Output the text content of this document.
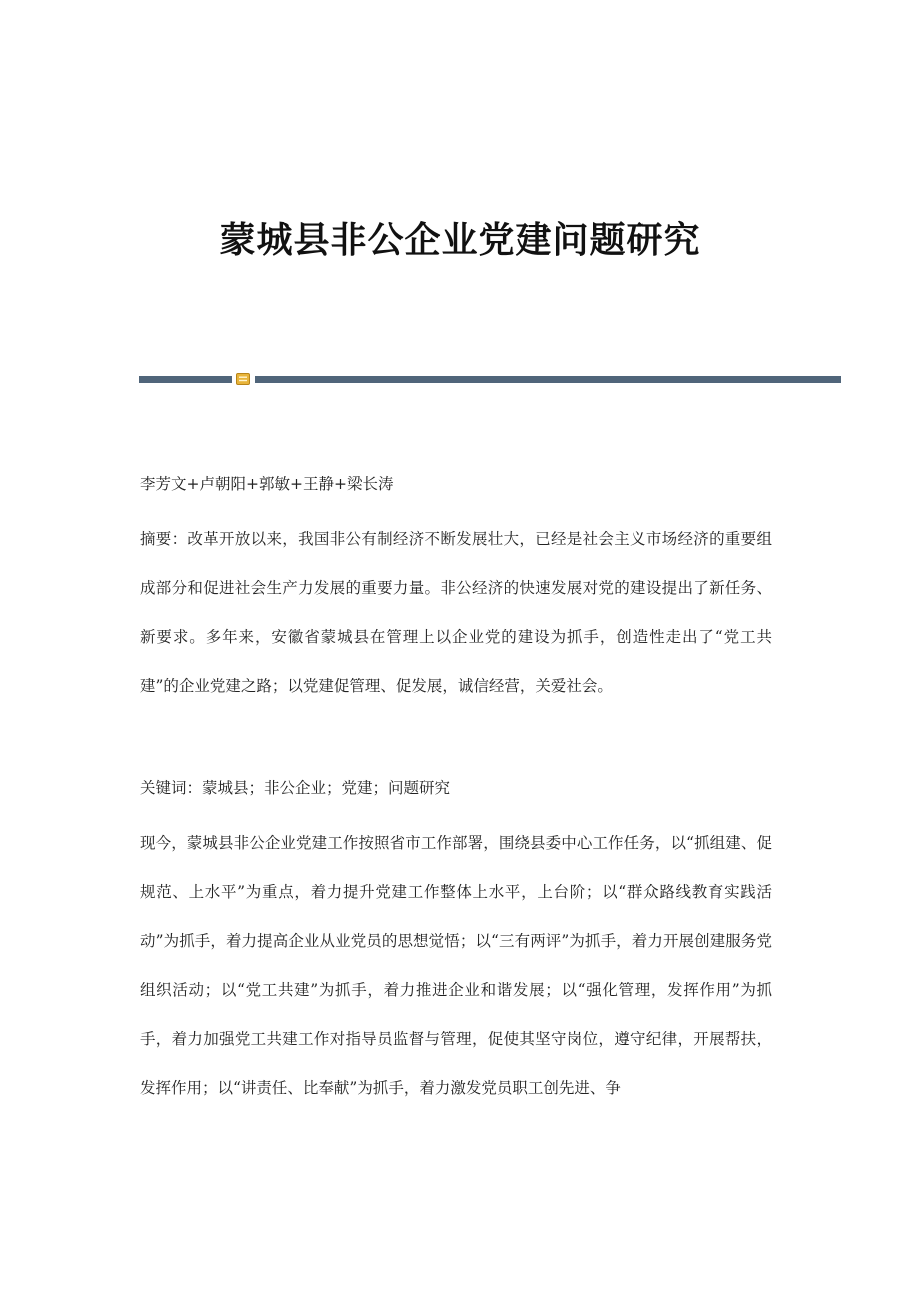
蒙城县非公企业党建问题研究
李芳文+卢朝阳+郭敏+王静+梁长涛
摘要：改革开放以来，我国非公有制经济不断发展壮大，已经是社会主义市场经济的重要组成部分和促进社会生产力发展的重要力量。非公经济的快速发展对党的建设提出了新任务、新要求。多年来，安徽省蒙城县在管理上以企业党的建设为抓手，创造性走出了“党工共建”的企业党建之路；以党建促管理、促发展，诚信经营，关爱社会。
关键词：蒙城县；非公企业；党建；问题研究
现今，蒙城县非公企业党建工作按照省市工作部署，围绕县委中心工作任务，以“抓组建、促规范、上水平”为重点，着力提升党建工作整体上水平，上台阶；以“群众路线教育实践活动”为抓手，着力提高企业从业党员的思想觉悟；以“三有两评”为抓手，着力开展创建服务党组织活动；以“党工共建”为抓手，着力推进企业和谐发展；以“强化管理，发挥作用”为抓手，着力加强党工共建工作对指导员监督与管理，促使其坚守岗位，遵守纪律，开展帮扶，发挥作用；以“讲责任、比奉献”为抓手，着力激发党员职工创先进、争
